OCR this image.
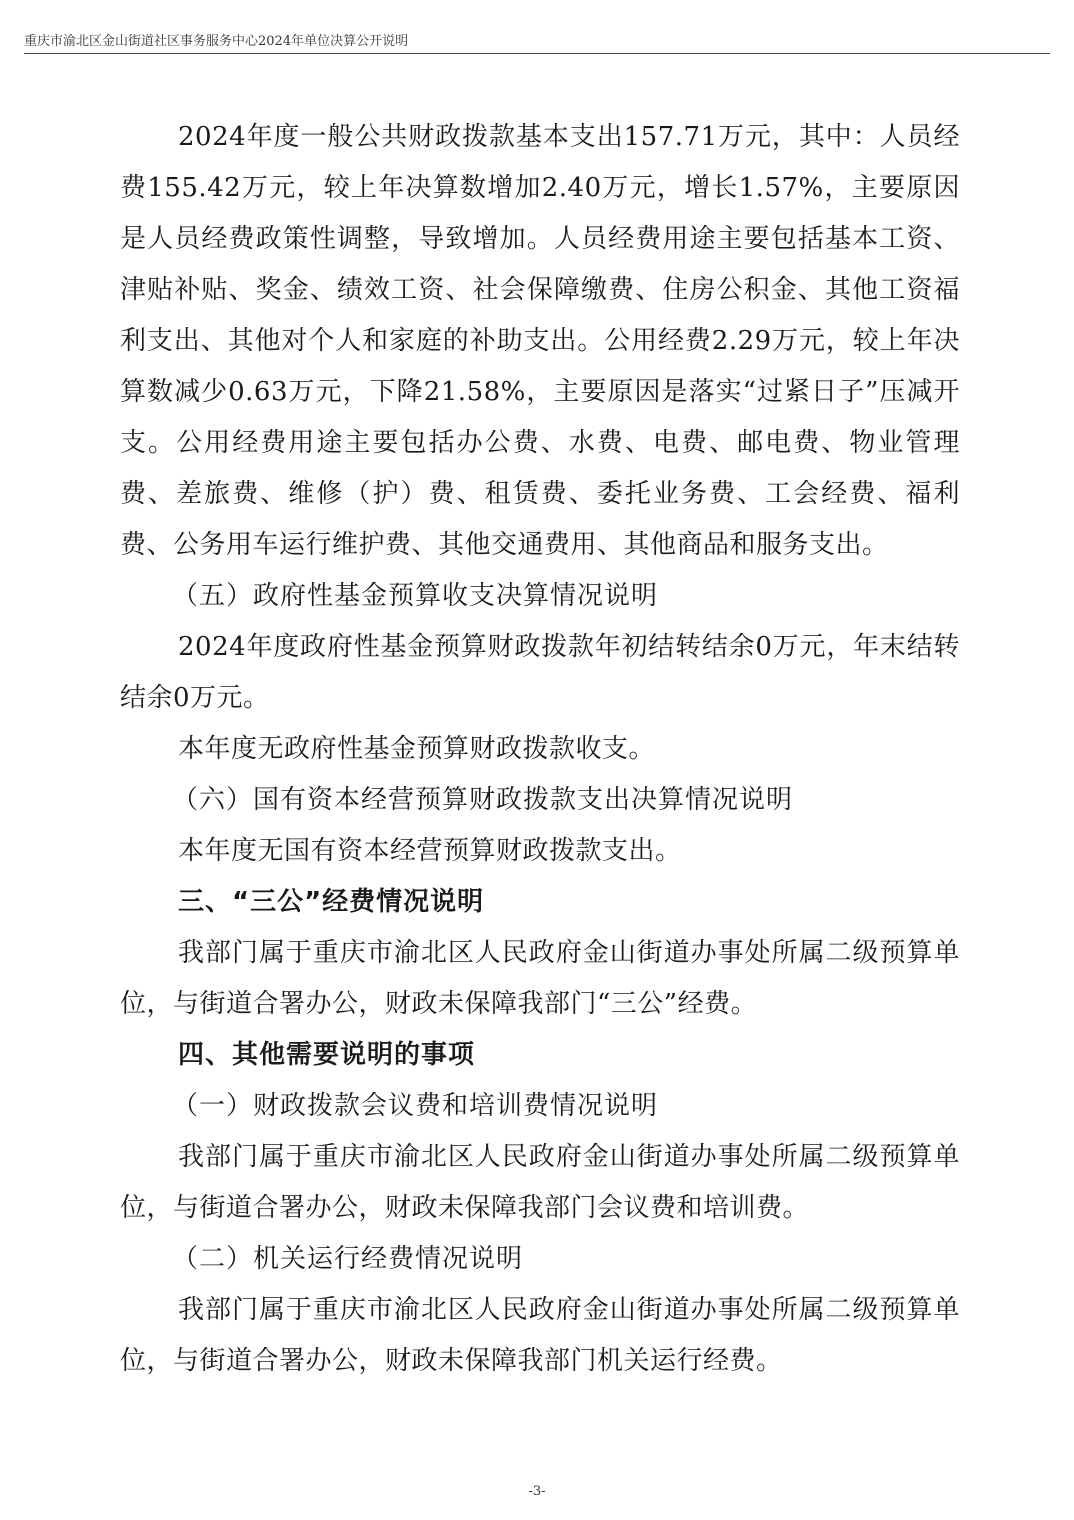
重庆市渝北区金山街道社区事务服务中心2024年单位决算公开说明

2024年度一般公共财政拨款基本支出157.71万元，其中：人员经费155.42万元，较上年决算数增加2.40万元，增长1.57%，主要原因是人员经费政策性调整，导致增加。人员经费用途主要包括基本工资、津贴补贴、奖金、绩效工资、社会保障缴费、住房公积金、其他工资福利支出、其他对个人和家庭的补助支出。公用经费2.29万元，较上年决算数减少0.63万元，下降21.58%，主要原因是落实“过紧日子”压减开支。公用经费用途主要包括办公费、水费、电费、邮电费、物业管理费、差旅费、维修（护）费、租赁费、委托业务费、工会经费、福利费、公务用车运行维护费、其他交通费用、其他商品和服务支出。

（五）政府性基金预算收支决算情况说明

2024年度政府性基金预算财政拨款年初结转结余0万元，年末结转结余0万元。

本年度无政府性基金预算财政拨款收支。

（六）国有资本经营预算财政拨款支出决算情况说明

本年度无国有资本经营预算财政拨款支出。

三、“三公”经费情况说明

我部门属于重庆市渝北区人民政府金山街道办事处所属二级预算单位，与街道合署办公，财政未保障我部门“三公”经费。

四、其他需要说明的事项

（一）财政拨款会议费和培训费情况说明

我部门属于重庆市渝北区人民政府金山街道办事处所属二级预算单位，与街道合署办公，财政未保障我部门会议费和培训费。

（二）机关运行经费情况说明

我部门属于重庆市渝北区人民政府金山街道办事处所属二级预算单位，与街道合署办公，财政未保障我部门机关运行经费。

-3-
